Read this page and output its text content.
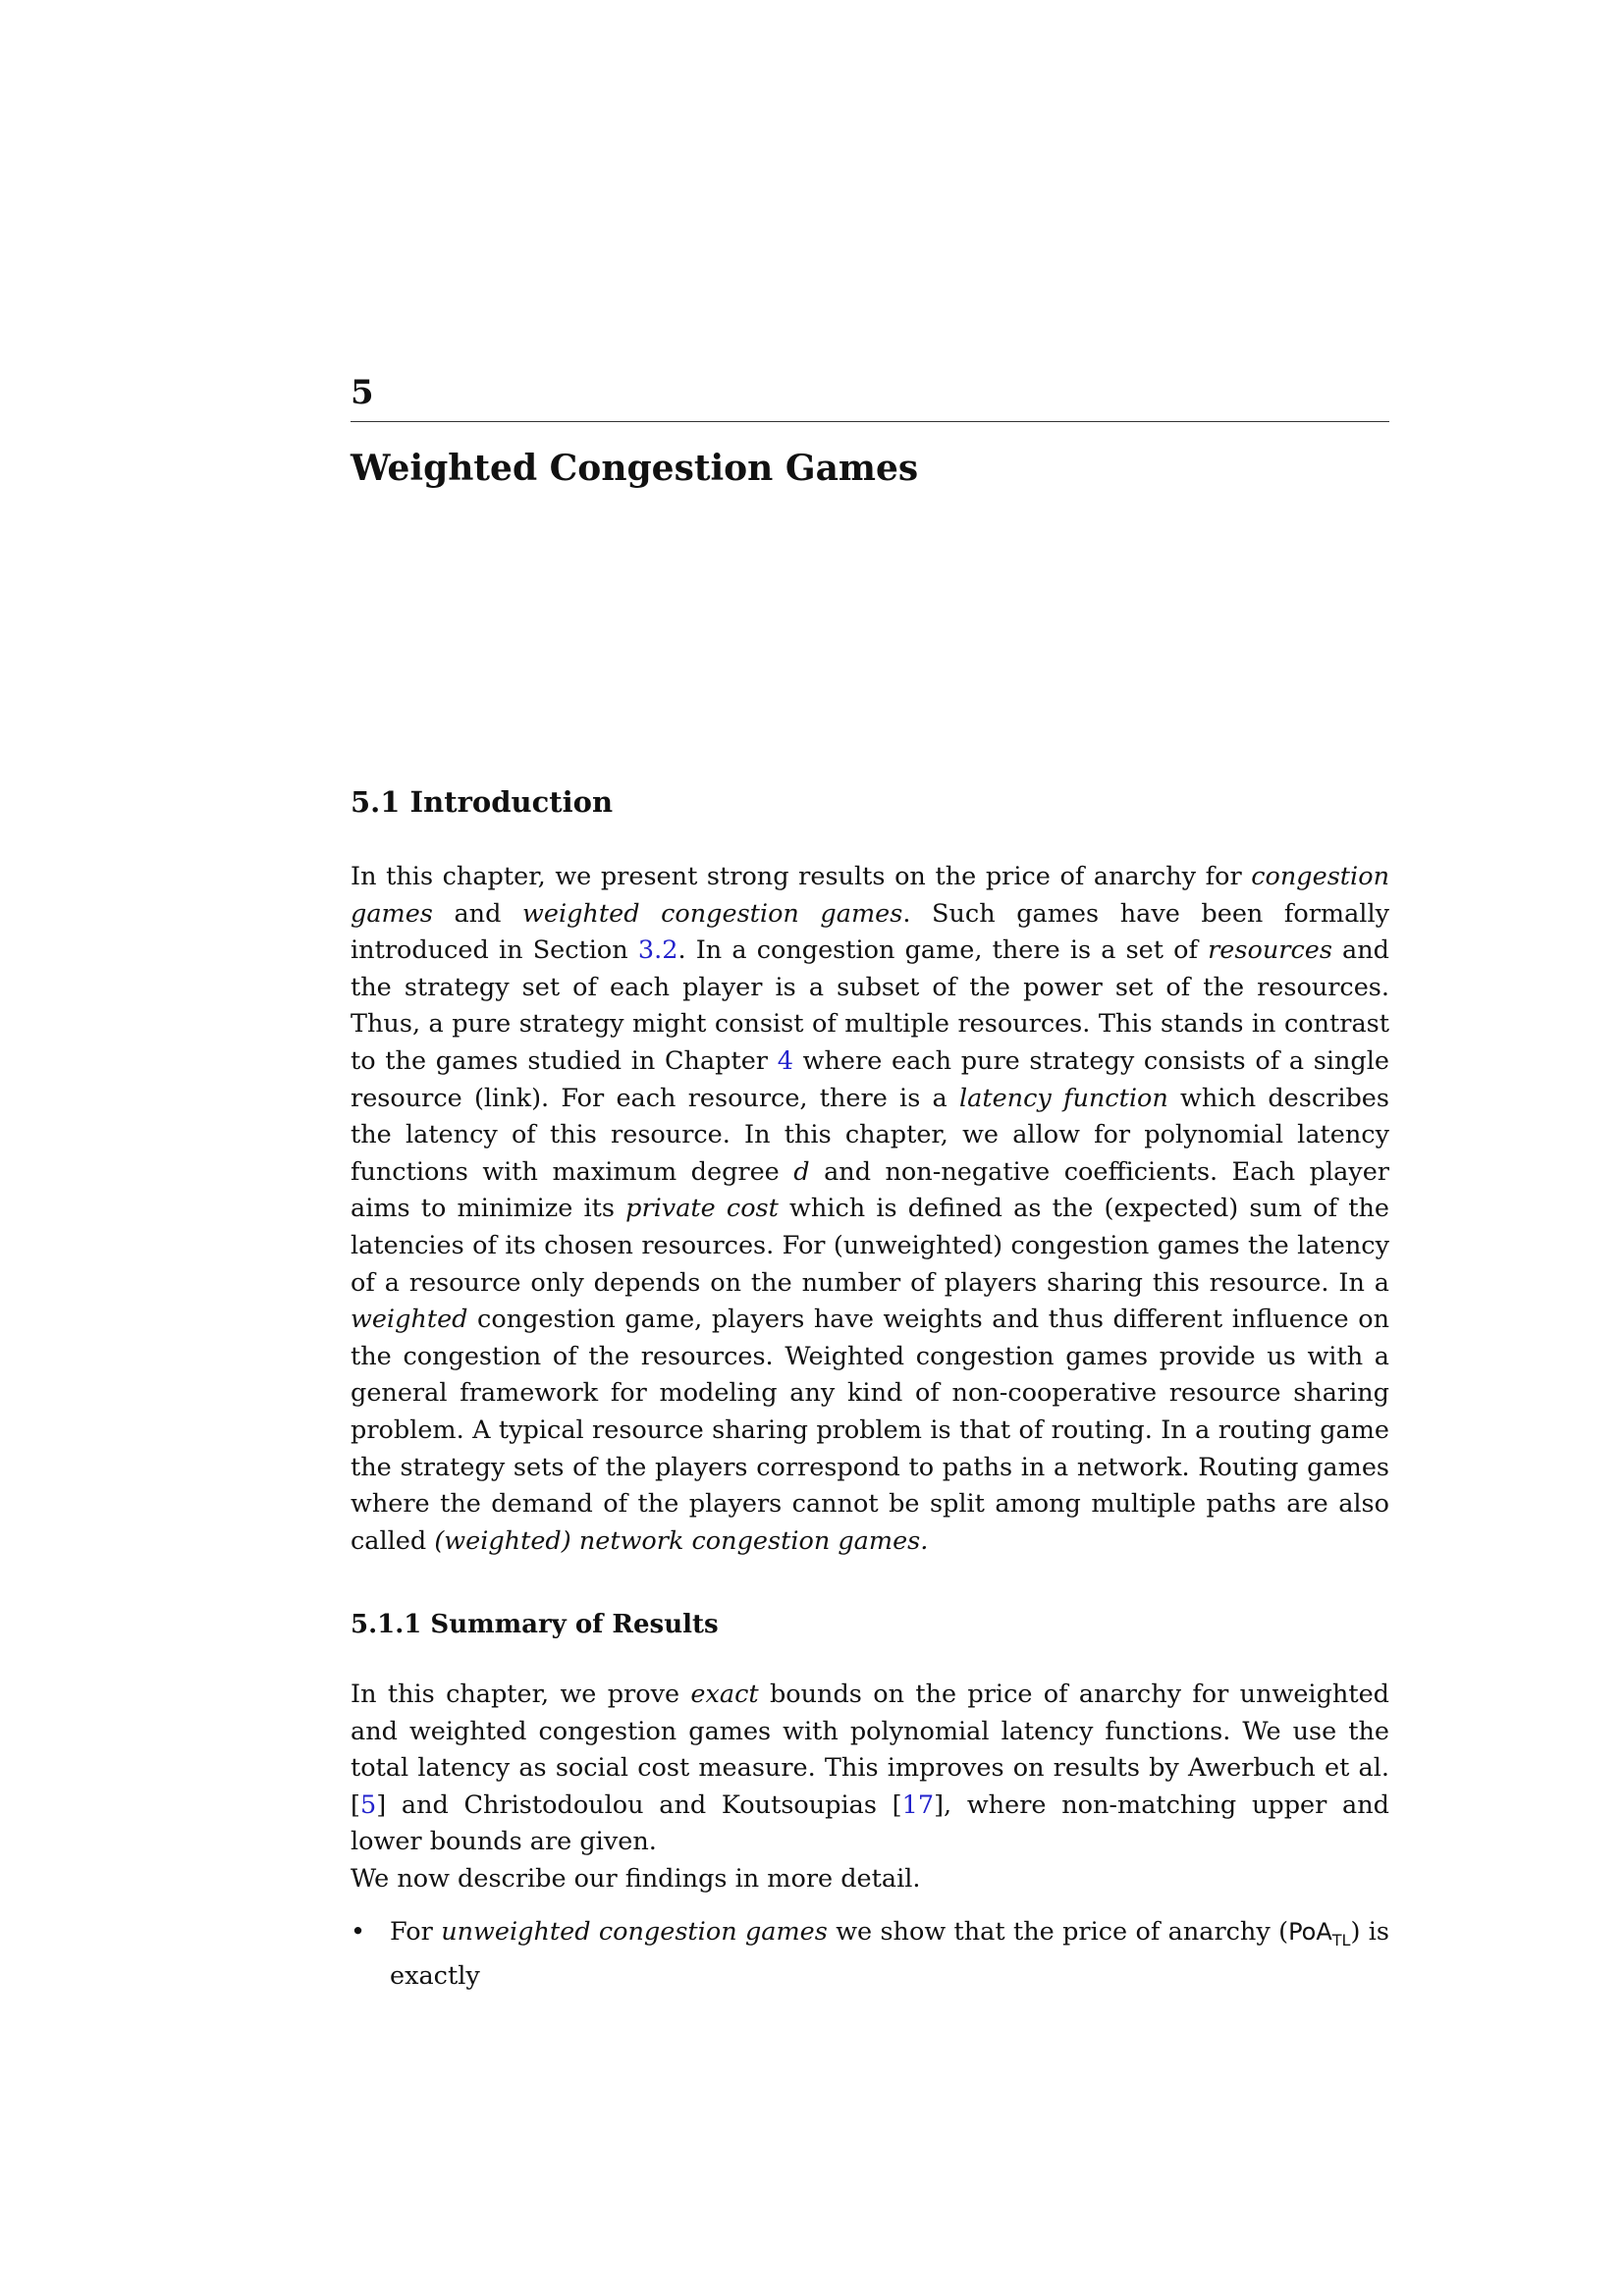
5
Weighted Congestion Games
5.1 Introduction

In this chapter, we present strong results on the price of anarchy for congestion games and weighted congestion games. Such games have been formally introduced in Section 3.2. In a congestion game, there is a set of resources and the strategy set of each player is a subset of the power set of the resources. Thus, a pure strategy might consist of multiple resources. This stands in contrast to the games studied in Chapter 4 where each pure strategy consists of a single resource (link). For each resource, there is a latency function which describes the latency of this resource. In this chapter, we allow for polynomial latency functions with maximum degree d and non-negative coefficients. Each player aims to minimize its private cost which is defined as the (expected) sum of the latencies of its chosen resources. For (unweighted) congestion games the latency of a resource only depends on the number of players sharing this resource. In a weighted congestion game, players have weights and thus different influence on the congestion of the resources. Weighted congestion games provide us with a general framework for modeling any kind of non-cooperative resource sharing problem. A typical resource sharing problem is that of routing. In a routing game the strategy sets of the players correspond to paths in a network. Routing games where the demand of the players cannot be split among multiple paths are also called (weighted) network congestion games.

5.1.1 Summary of Results

In this chapter, we prove exact bounds on the price of anarchy for unweighted and weighted congestion games with polynomial latency functions. We use the total latency as social cost measure. This improves on results by Awerbuch et al. [5] and Christodoulou and Koutsoupias [17], where non-matching upper and lower bounds are given.

We now describe our findings in more detail.

• For unweighted congestion games we show that the price of anarchy (PoA$_{TL}$) is exactly
